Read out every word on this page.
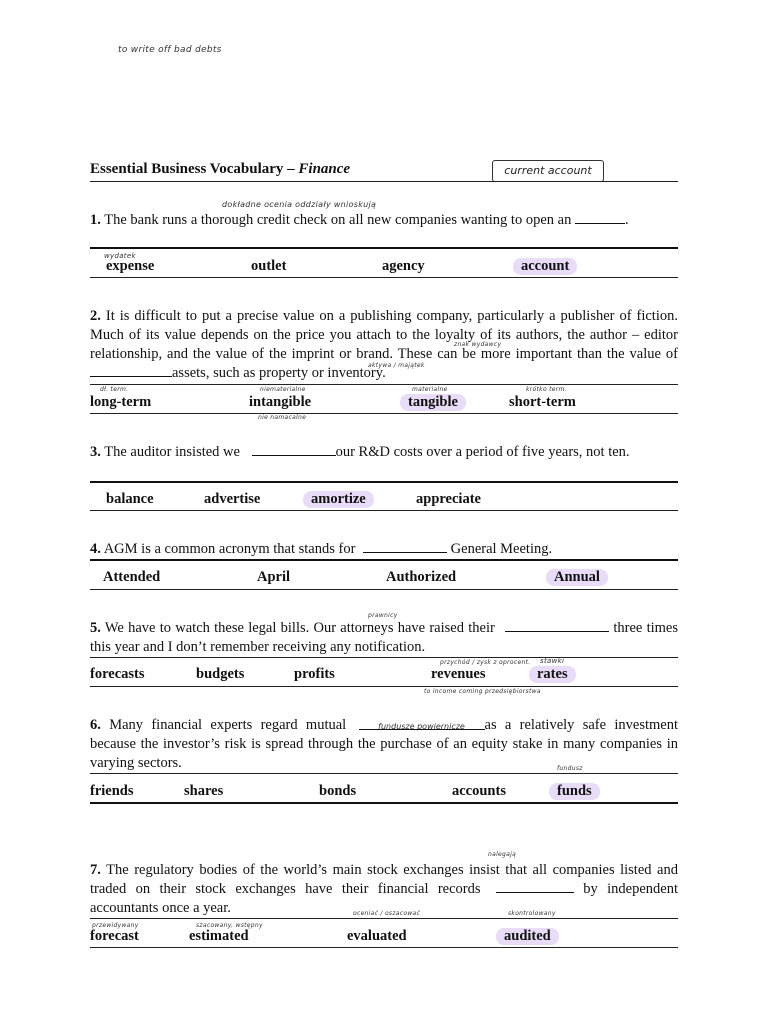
to write off bad debts
Essential Business Vocabulary – Finance	current account
dokładne ocenia oddziały wnioskują
1. The bank runs a thorough credit check on all new companies wanting to open an	.
wydatek
expense	outlet	agency	account
2. It is difficult to put a precise value on a publishing company, particularly a publisher of fiction. Much of its value depends on the price you attach to the loyalty of its authors, the author – editor relationship, and the value of the imprint or brand. These can be more important than the value of assets, such as property or inventory.
znak wydawcy
aktywa / majątek
dł. term.	niematerialne	materialne	krótko term.
long-term	intangible	tangible	short-term
nie namacalne
3. The auditor insisted we	our R&D costs over a period of five years, not ten.
balance	advertise	amortize	appreciate
4. AGM is a common acronym that stands for	General Meeting.
Attended	April	Authorized	Annual
prawnicy
5. We have to watch these legal bills. Our attorneys have raised their	three times this year and I don’t remember receiving any notification.
przychód / zysk z oprocent. stawki
forecasts	budgets	profits	revenues	rates
to income coming przedsiębiorstwa
6. Many financial experts regard mutual	fundusze powiernicze as a relatively safe investment because the investor’s risk is spread through the purchase of an equity stake in many companies in varying sectors.	fundusz
friends	shares	bonds	accounts	funds
nalegają
7. The regulatory bodies of the world’s main stock exchanges insist that all companies listed and traded on their stock exchanges have their financial records	by independent accountants once a year.	oceniać / oszacować	skontrolowany
przewidywany	szacowany, wstępny
forecast	estimated	evaluated	audited
